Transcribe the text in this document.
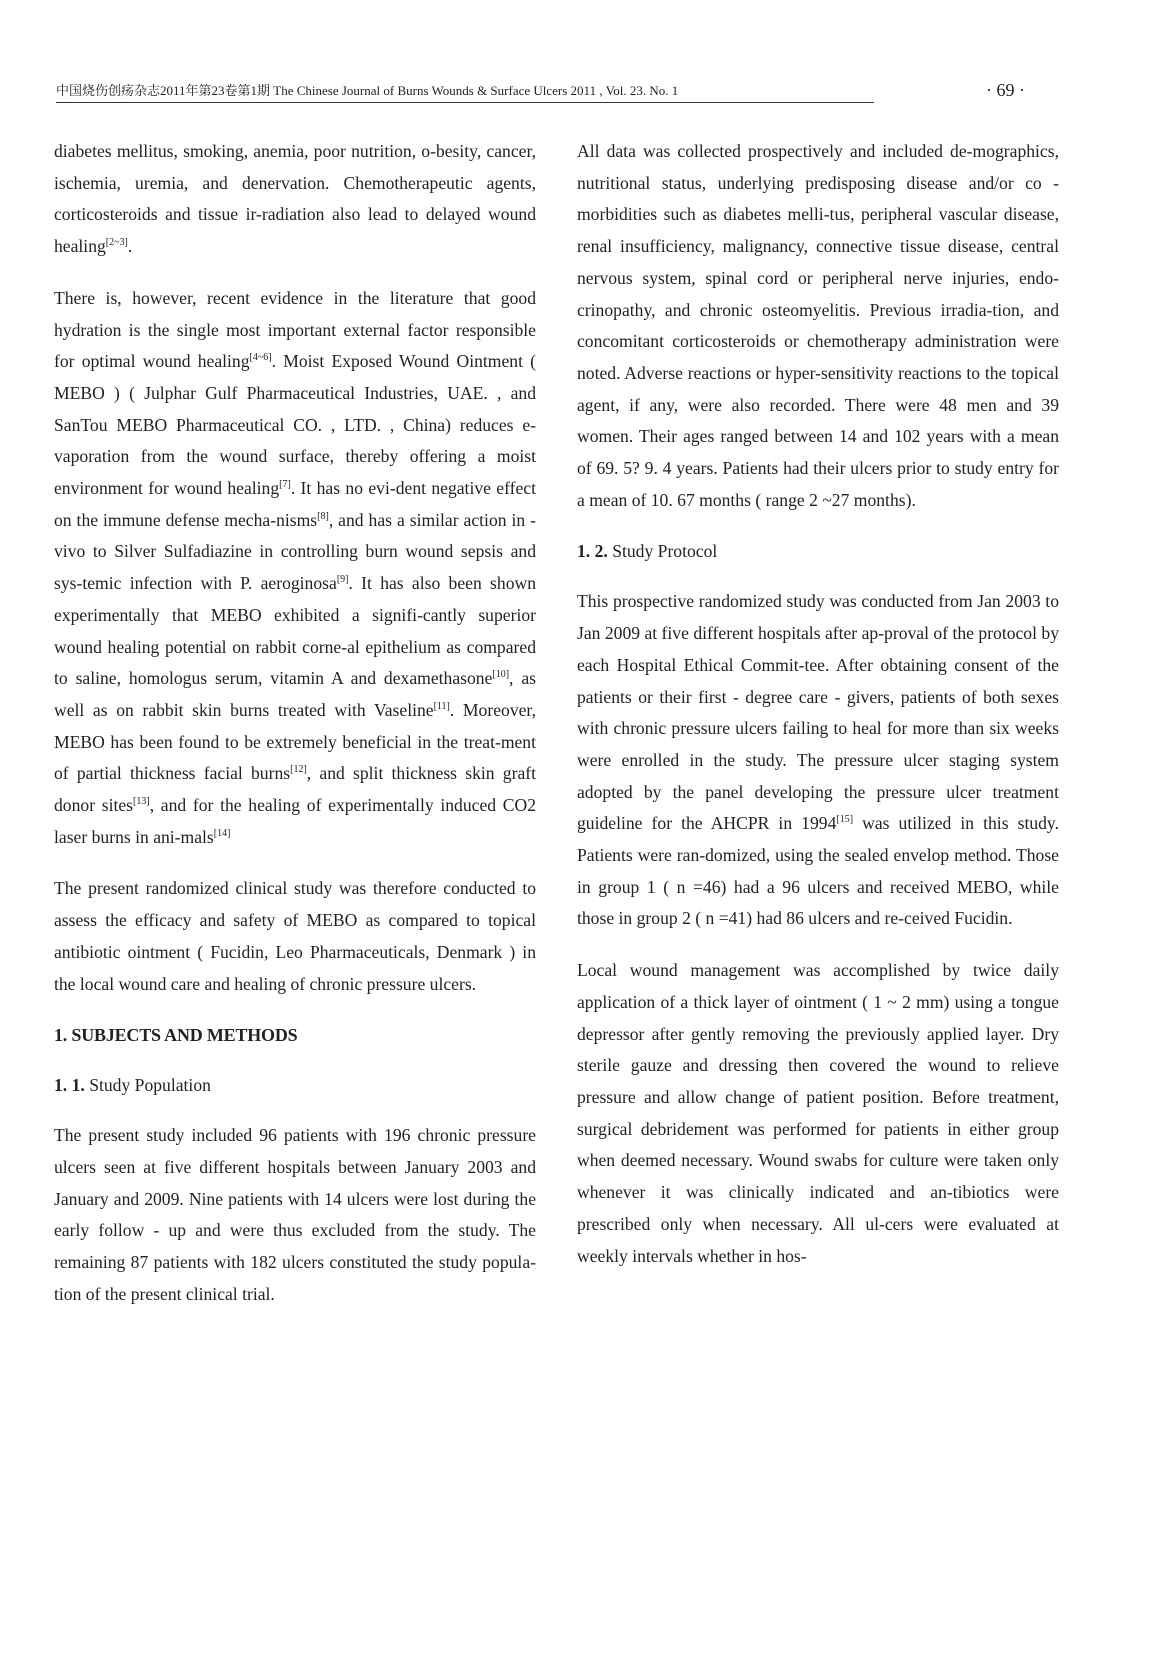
中国烧伤创疡杂志2011年第23卷第1期 The Chinese Journal of Burns Wounds & Surface Ulcers 2011 , Vol. 23. No. 1	· 69 ·

diabetes mellitus, smoking, anemia, poor nutrition, o-besity, cancer, ischemia, uremia, and denervation. Chemotherapeutic agents, corticosteroids and tissue ir-radiation also lead to delayed wound healing[2~3].

There is, however, recent evidence in the literature that good hydration is the single most important external factor responsible for optimal wound healing[4~6]. Moist Exposed Wound Ointment ( MEBO ) ( Julphar Gulf Pharmaceutical Industries, UAE. , and SanTou MEBO Pharmaceutical CO. , LTD. , China) reduces e-vaporation from the wound surface, thereby offering a moist environment for wound healing[7]. It has no evi-dent negative effect on the immune defense mecha-nisms[8], and has a similar action in - vivo to Silver Sulfadiazine in controlling burn wound sepsis and sys-temic infection with P. aeroginosa[9]. It has also been shown experimentally that MEBO exhibited a signifi-cantly superior wound healing potential on rabbit corne-al epithelium as compared to saline, homologus serum, vitamin A and dexamethasone[10], as well as on rabbit skin burns treated with Vaseline[11]. Moreover, MEBO has been found to be extremely beneficial in the treat-ment of partial thickness facial burns[12], and split thickness skin graft donor sites[13], and for the healing of experimentally induced CO2 laser burns in ani-mals[14]

The present randomized clinical study was therefore conducted to assess the efficacy and safety of MEBO as compared to topical antibiotic ointment ( Fucidin, Leo Pharmaceuticals, Denmark ) in the local wound care and healing of chronic pressure ulcers.

1. SUBJECTS AND METHODS
1. 1. Study Population

The present study included 96 patients with 196 chronic pressure ulcers seen at five different hospitals between January 2003 and January and 2009. Nine patients with 14 ulcers were lost during the early follow - up and were thus excluded from the study. The remaining 87 patients with 182 ulcers constituted the study popula-tion of the present clinical trial.

All data was collected prospectively and included de-mographics, nutritional status, underlying predisposing disease and/or co - morbidities such as diabetes melli-tus, peripheral vascular disease, renal insufficiency, malignancy, connective tissue disease, central nervous system, spinal cord or peripheral nerve injuries, endo-crinopathy, and chronic osteomyelitis. Previous irradia-tion, and concomitant corticosteroids or chemotherapy administration were noted. Adverse reactions or hyper-sensitivity reactions to the topical agent, if any, were also recorded. There were 48 men and 39 women. Their ages ranged between 14 and 102 years with a mean of 69. 5? 9. 4 years. Patients had their ulcers prior to study entry for a mean of 10. 67 months ( range 2 ~27 months).

1. 2. Study Protocol

This prospective randomized study was conducted from Jan 2003 to Jan 2009 at five different hospitals after ap-proval of the protocol by each Hospital Ethical Commit-tee. After obtaining consent of the patients or their first - degree care - givers, patients of both sexes with chronic pressure ulcers failing to heal for more than six weeks were enrolled in the study. The pressure ulcer staging system adopted by the panel developing the pressure ulcer treatment guideline for the AHCPR in 1994[15] was utilized in this study. Patients were ran-domized, using the sealed envelop method. Those in group 1 ( n =46) had a 96 ulcers and received MEBO, while those in group 2 ( n =41) had 86 ulcers and re-ceived Fucidin.

Local wound management was accomplished by twice daily application of a thick layer of ointment ( 1 ~ 2 mm) using a tongue depressor after gently removing the previously applied layer. Dry sterile gauze and dressing then covered the wound to relieve pressure and allow change of patient position. Before treatment, surgical debridement was performed for patients in either group when deemed necessary. Wound swabs for culture were taken only whenever it was clinically indicated and an-tibiotics were prescribed only when necessary. All ul-cers were evaluated at weekly intervals whether in hos-
